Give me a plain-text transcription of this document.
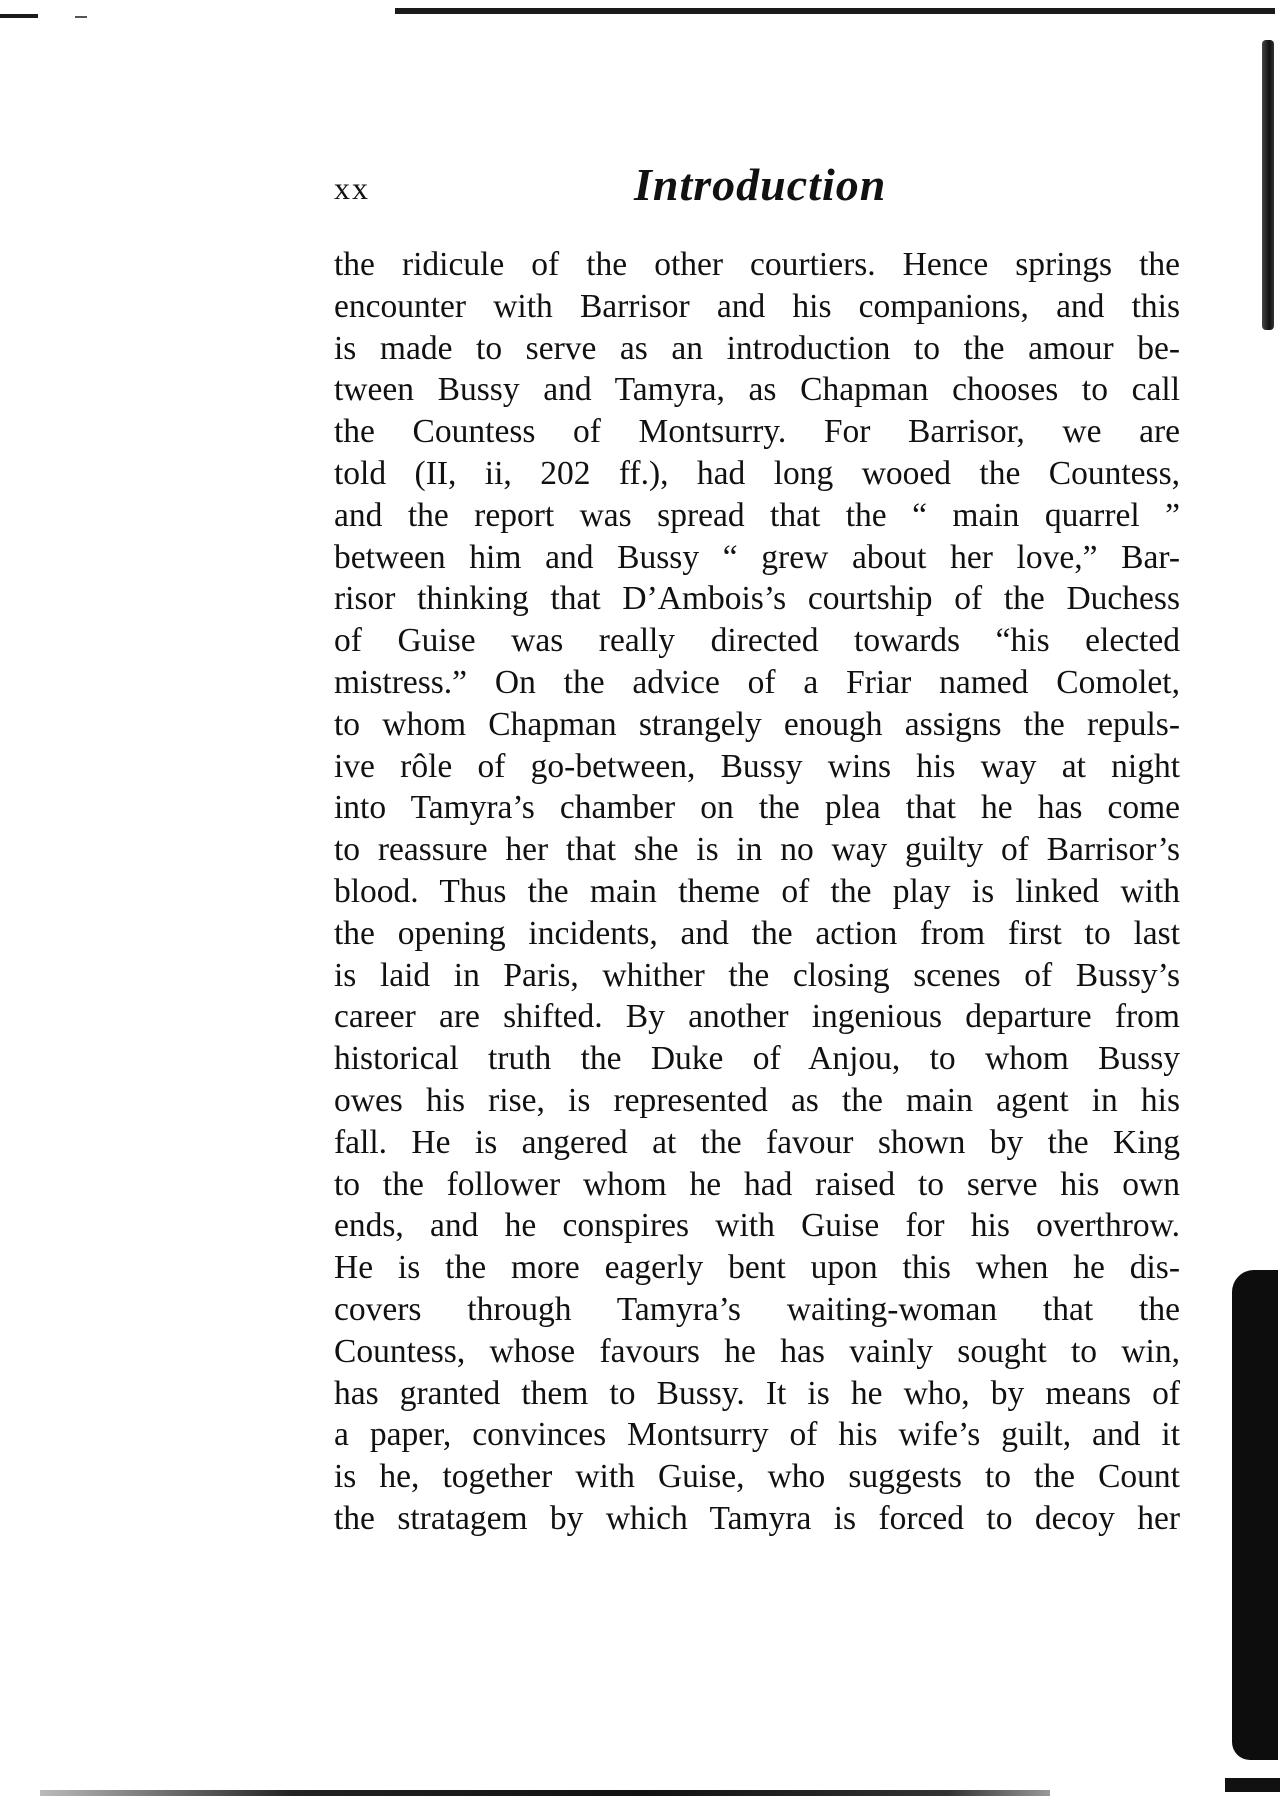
xx	Introduction
the ridicule of the other courtiers. Hence springs the
encounter with Barrisor and his companions, and this
is made to serve as an introduction to the amour be-
tween Bussy and Tamyra, as Chapman chooses to call
the Countess of Montsurry. For Barrisor, we are
told (II, ii, 202 ff.), had long wooed the Countess,
and the report was spread that the “ main quarrel ”
between him and Bussy “ grew about her love,” Bar-
risor thinking that D’Ambois’s courtship of the Duchess
of Guise was really directed towards “his elected
mistress.” On the advice of a Friar named Comolet,
to whom Chapman strangely enough assigns the repuls-
ive rôle of go-between, Bussy wins his way at night
into Tamyra’s chamber on the plea that he has come
to reassure her that she is in no way guilty of Barrisor’s
blood. Thus the main theme of the play is linked with
the opening incidents, and the action from first to last
is laid in Paris, whither the closing scenes of Bussy’s
career are shifted. By another ingenious departure from
historical truth the Duke of Anjou, to whom Bussy
owes his rise, is represented as the main agent in his
fall. He is angered at the favour shown by the King
to the follower whom he had raised to serve his own
ends, and he conspires with Guise for his overthrow.
He is the more eagerly bent upon this when he dis-
covers through Tamyra’s waiting-woman that the
Countess, whose favours he has vainly sought to win,
has granted them to Bussy. It is he who, by means of
a paper, convinces Montsurry of his wife’s guilt, and it
is he, together with Guise, who suggests to the Count
the stratagem by which Tamyra is forced to decoy her
